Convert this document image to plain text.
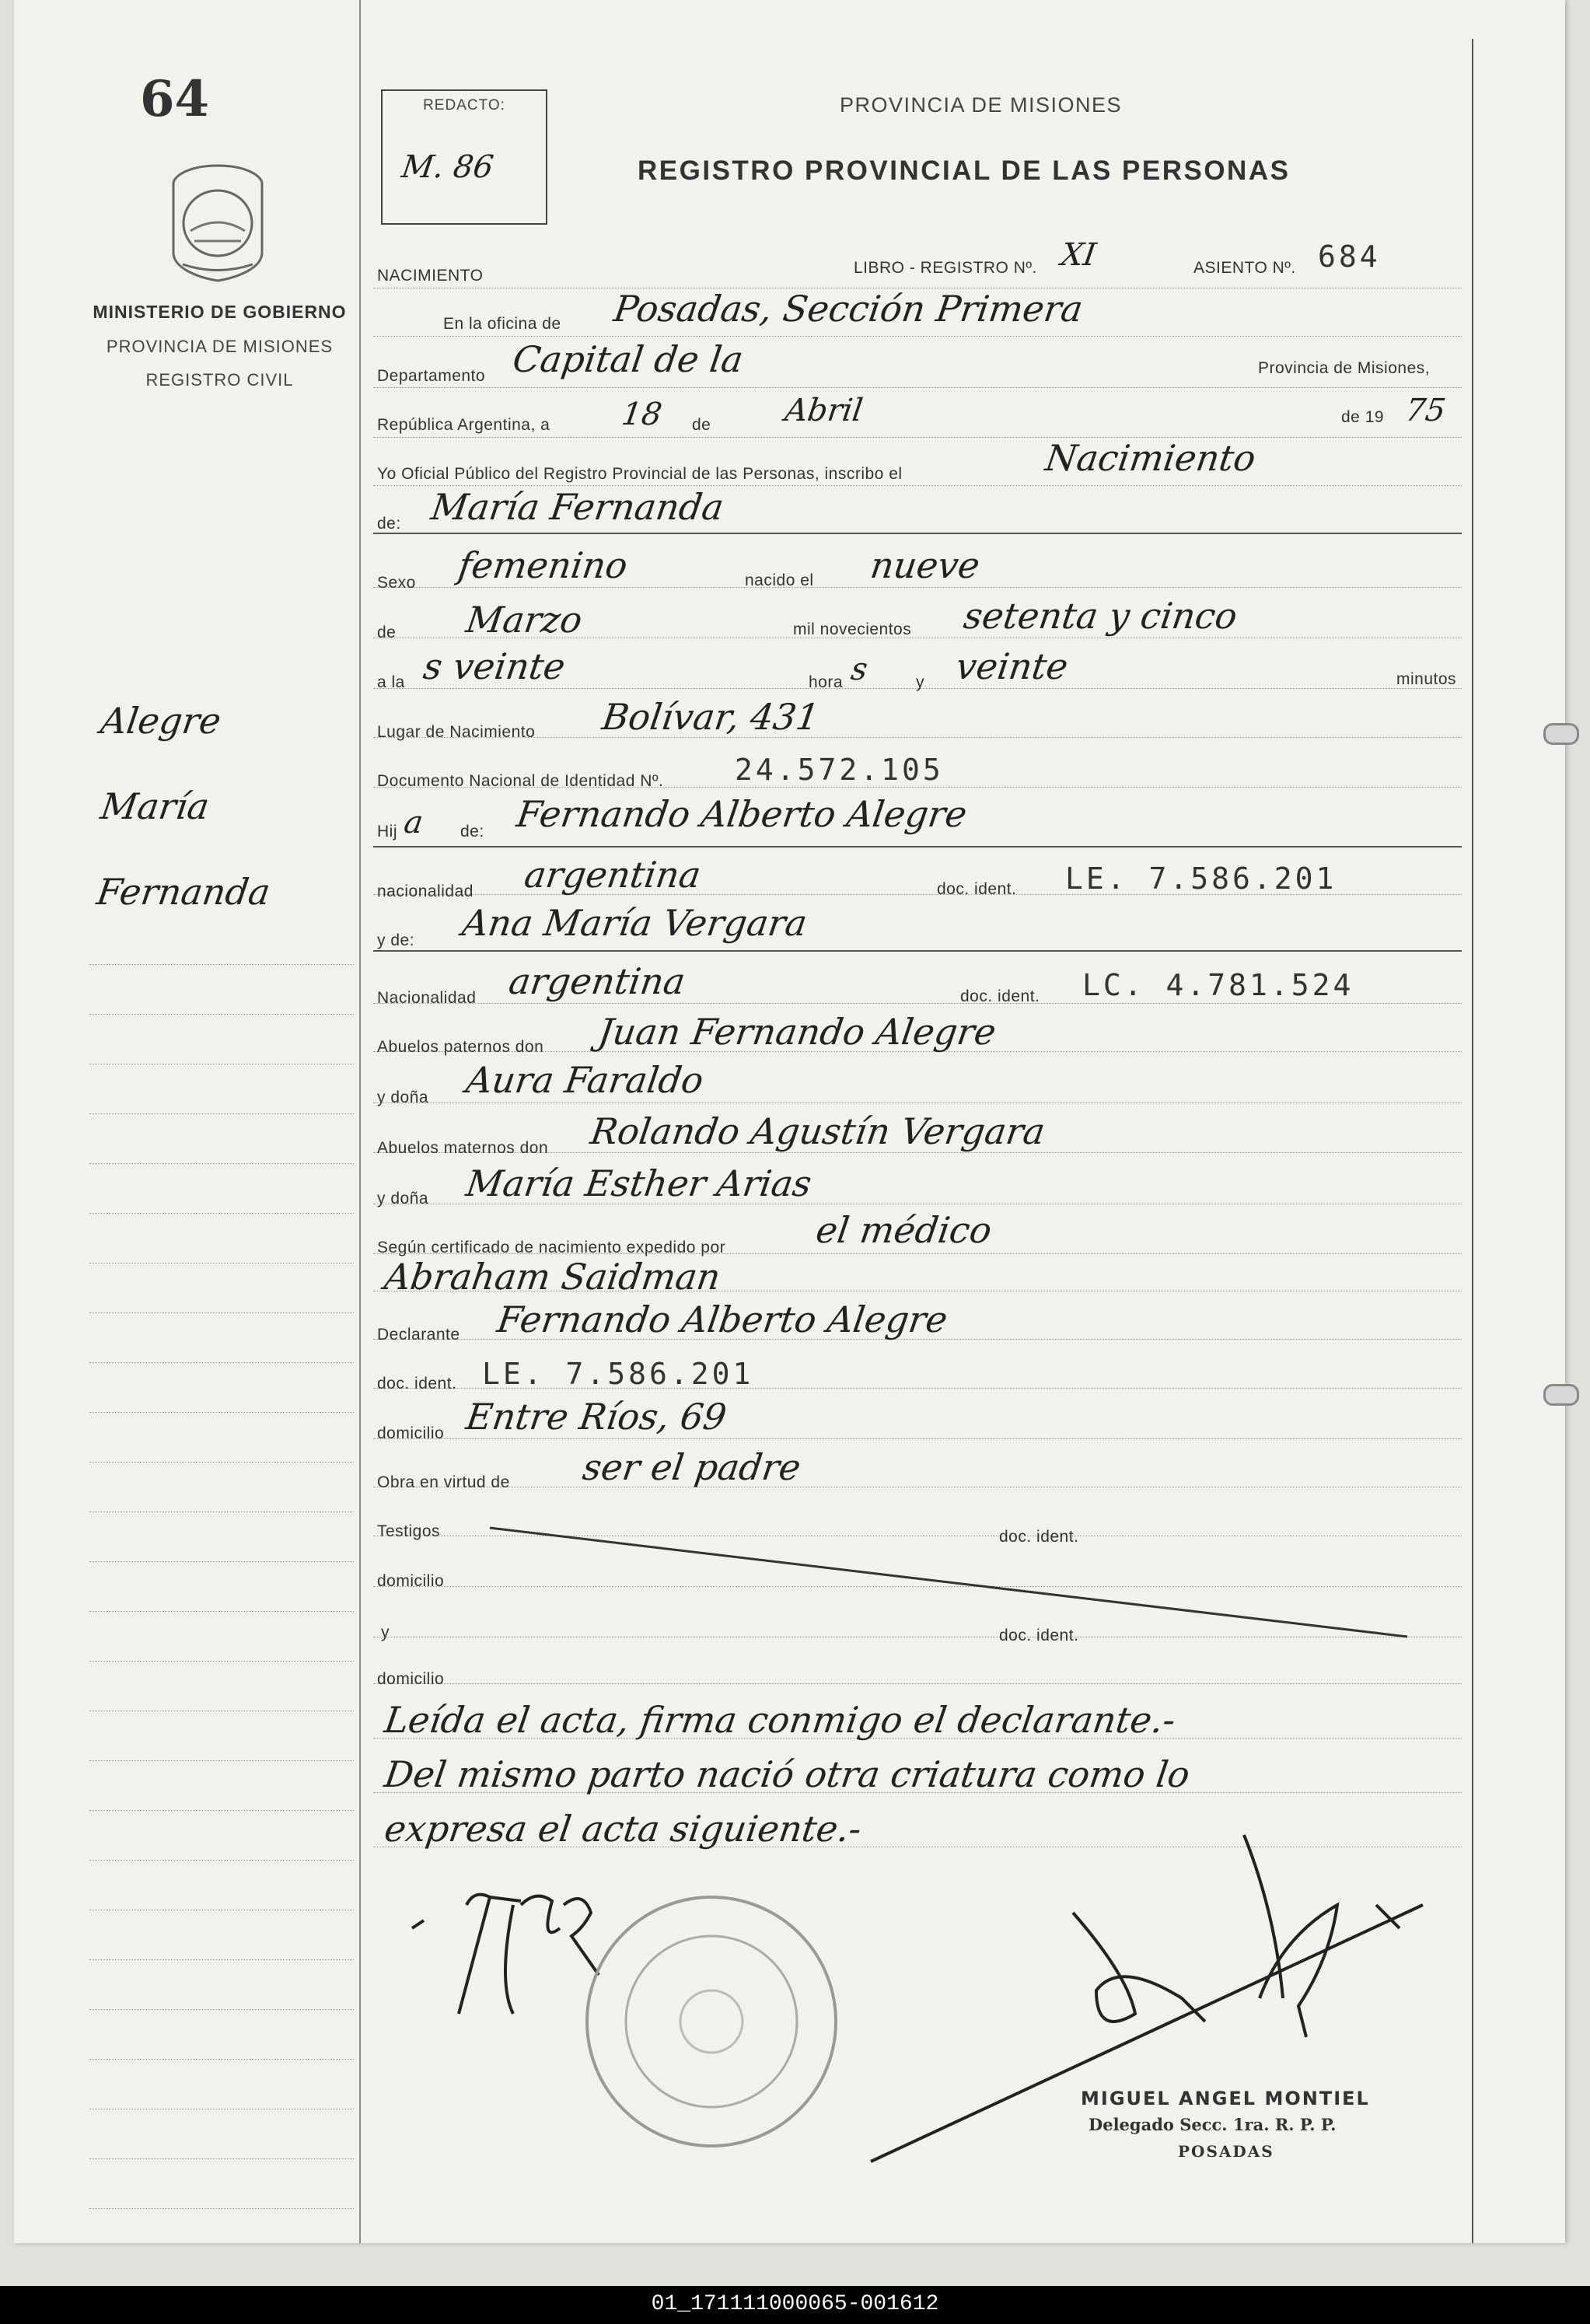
64
MINISTERIO DE GOBIERNO
PROVINCIA DE MISIONES
REGISTRO CIVIL
Alegre
María
Fernanda
REDACTO:
M. 86
PROVINCIA DE MISIONES
REGISTRO PROVINCIAL DE LAS PERSONAS
NACIMIENTO	LIBRO - REGISTRO Nº. XI	ASIENTO Nº. 684
En la oficina de Posadas, Sección Primera
Departamento Capital de la	Provincia de Misiones,
República Argentina, a 18 de Abril	de 19 75
Yo Oficial Público del Registro Provincial de las Personas, inscribo el	Nacimiento
de: María Fernanda
Sexo femenino	nacido el nueve
de Marzo	mil novecientos setenta y cinco
a la s veinte	hora s	y veinte	minutos
Lugar de Nacimiento Bolívar, 431
Documento Nacional de Identidad Nº. 24.572.105
Hij a de: Fernando Alberto Alegre
nacionalidad argentina	doc. ident. LE. 7.586.201
y de: Ana María Vergara
Nacionalidad argentina	doc. ident. LC. 4.781.524
Abuelos paternos don Juan Fernando Alegre
y doña Aura Faraldo
Abuelos maternos don Rolando Agustín Vergara
y doña María Esther Arias
Según certificado de nacimiento expedido por el médico
Abraham Saidman
Declarante Fernando Alberto Alegre
doc. ident. LE. 7.586.201
domicilio Entre Ríos, 69
Obra en virtud de ser el padre
Testigos	doc. ident.
domicilio
y	doc. ident.
domicilio
Leída el acta, firma conmigo el declarante.-
Del mismo parto nació otra criatura como lo
expresa el acta siguiente.-
MIGUEL ANGEL MONTIEL
Delegado Secc. 1ra. R. P. P.
POSADAS
01_171111000065-001612
